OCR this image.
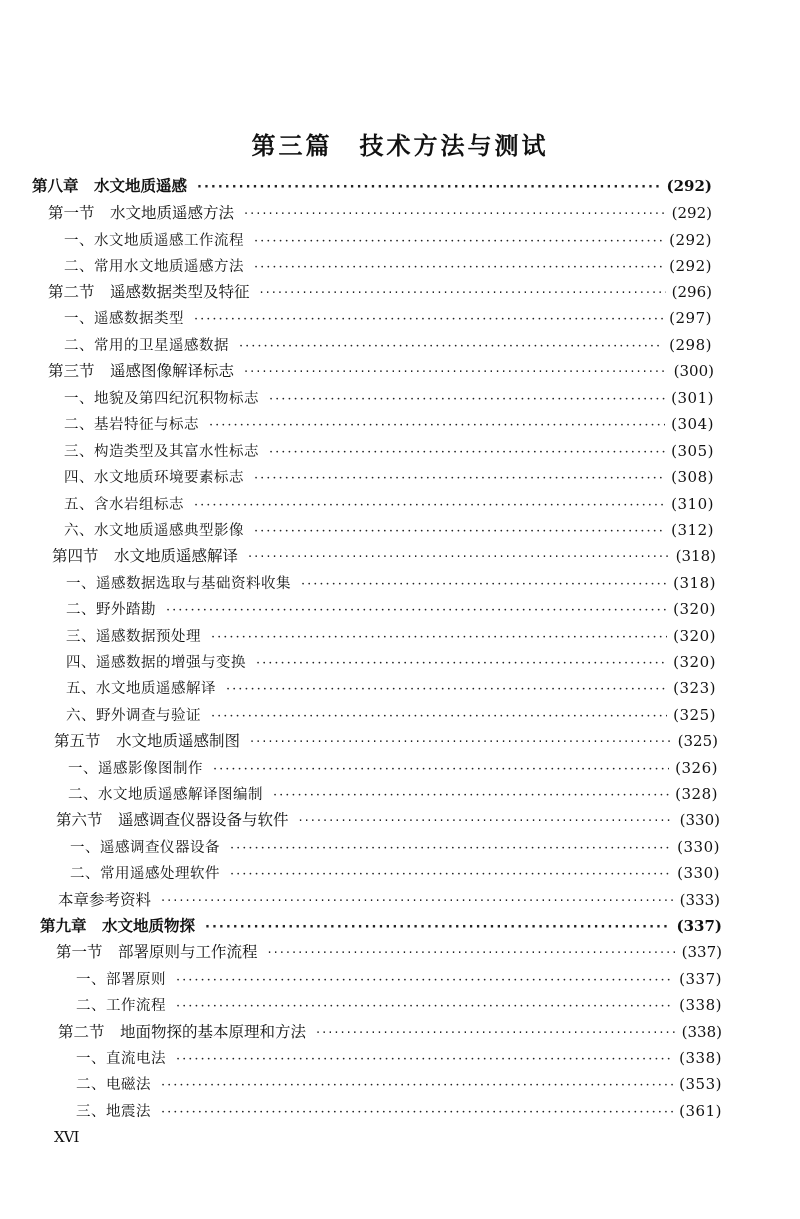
第三篇　技术方法与测试
第八章　水文地质遥感 ·····	(292)
第一节　水文地质遥感方法 ·····	(292)
一、水文地质遥感工作流程 ·····	(292)
二、常用水文地质遥感方法 ·····	(292)
第二节　遥感数据类型及特征 ·····	(296)
一、遥感数据类型 ·····	(297)
二、常用的卫星遥感数据 ·····	(298)
第三节　遥感图像解译标志 ·····	(300)
一、地貌及第四纪沉积物标志 ·····	(301)
二、基岩特征与标志 ·····	(304)
三、构造类型及其富水性标志 ·····	(305)
四、水文地质环境要素标志 ·····	(308)
五、含水岩组标志 ·····	(310)
六、水文地质遥感典型影像 ·····	(312)
第四节　水文地质遥感解译 ·····	(318)
一、遥感数据选取与基础资料收集 ·····	(318)
二、野外踏勘 ·····	(320)
三、遥感数据预处理 ·····	(320)
四、遥感数据的增强与变换 ·····	(320)
五、水文地质遥感解译 ·····	(323)
六、野外调查与验证 ·····	(325)
第五节　水文地质遥感制图 ·····	(325)
一、遥感影像图制作 ·····	(326)
二、水文地质遥感解译图编制 ·····	(328)
第六节　遥感调查仪器设备与软件 ·····	(330)
一、遥感调查仪器设备 ·····	(330)
二、常用遥感处理软件 ·····	(330)
本章参考资料 ·····	(333)
第九章　水文地质物探 ·····	(337)
第一节　部署原则与工作流程 ·····	(337)
一、部署原则 ·····	(337)
二、工作流程 ·····	(338)
第二节　地面物探的基本原理和方法 ·····	(338)
一、直流电法 ·····	(338)
二、电磁法 ·····	(353)
三、地震法 ·····	(361)
XVI
